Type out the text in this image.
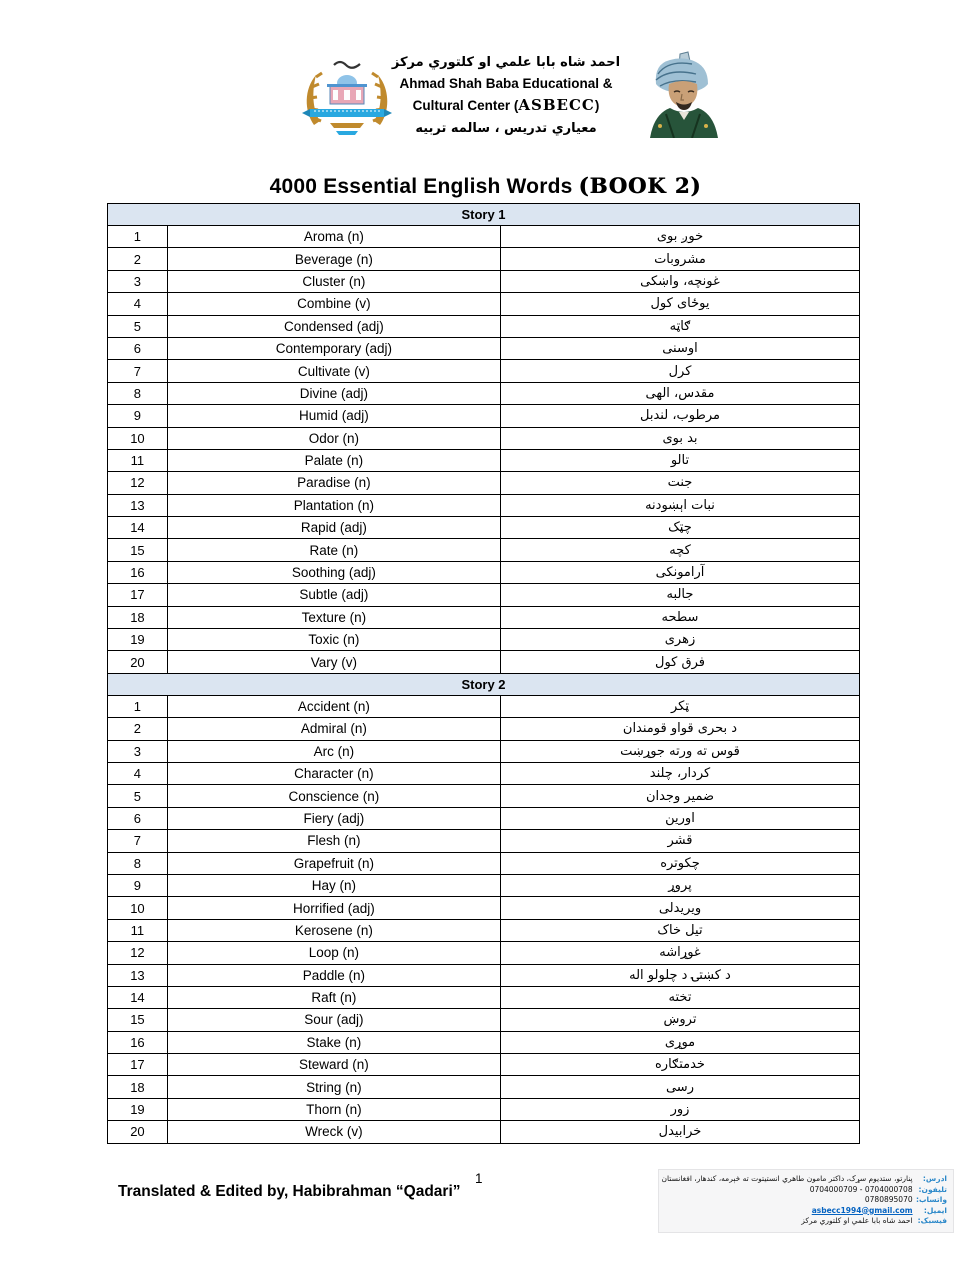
احمد شاه بابا علمي او کلتوري مرکز
Ahmad Shah Baba Educational &
Cultural Center (ASBECC)
معياري تدريس ، سالمه تربيه
4000 Essential English Words (BOOK 2)
Story 1
1	Aroma (n)	خوږ بوی
2	Beverage (n)	مشروبات
3	Cluster (n)	غونچه، واښکی
4	Combine (v)	يوځای کول
5	Condensed (adj)	ګاټه
6	Contemporary (adj)	اوسنی
7	Cultivate (v)	کرل
8	Divine (adj)	مقدس، الهی
9	Humid (adj)	مرطوب، لندبل
10	Odor (n)	بد بوی
11	Palate (n)	تالو
12	Paradise (n)	جنت
13	Plantation (n)	نبات اېښودنه
14	Rapid (adj)	چټک
15	Rate (n)	کچه
16	Soothing (adj)	آرامونکی
17	Subtle (adj)	جالبه
18	Texture (n)	سطحه
19	Toxic (n)	زهری
20	Vary (v)	فرق کول
Story 2
1	Accident (n)	ټکر
2	Admiral (n)	د بحری قواو قومندان
3	Arc (n)	قوس ته ورته جوړښت
4	Character (n)	کردار، چلند
5	Conscience (n)	ضمير وجدان
6	Fiery (adj)	اورين
7	Flesh (n)	قشر
8	Grapefruit (n)	چکوتره
9	Hay (n)	پروړ
10	Horrified (adj)	ويريدلی
11	Kerosene (n)	تيل خاک
12	Loop (n)	غوړاشه
13	Paddle (n)	د کښتۍ د چلولو اله
14	Raft (n)	تخته
15	Sour (adj)	تروښ
16	Stake (n)	موړی
17	Steward (n)	خدمتګاره
18	String (n)	رسی
19	Thorn (n)	زور
20	Wreck (v)	خرابيدل
Translated & Edited by, Habibrahman “Qadari”
1	ادرس: پنارتو، ستديوم سړک، داکتر مامون طاهري انستيتوت ته څېرمه، کندهار، افغانستان
تليفون: 0704000709 - 0704000708
واتساب: 0780895070
ايميل: asbecc1994@gmail.com
فيسبک: احمد شاه بابا علمي او کلتوري مرکز
